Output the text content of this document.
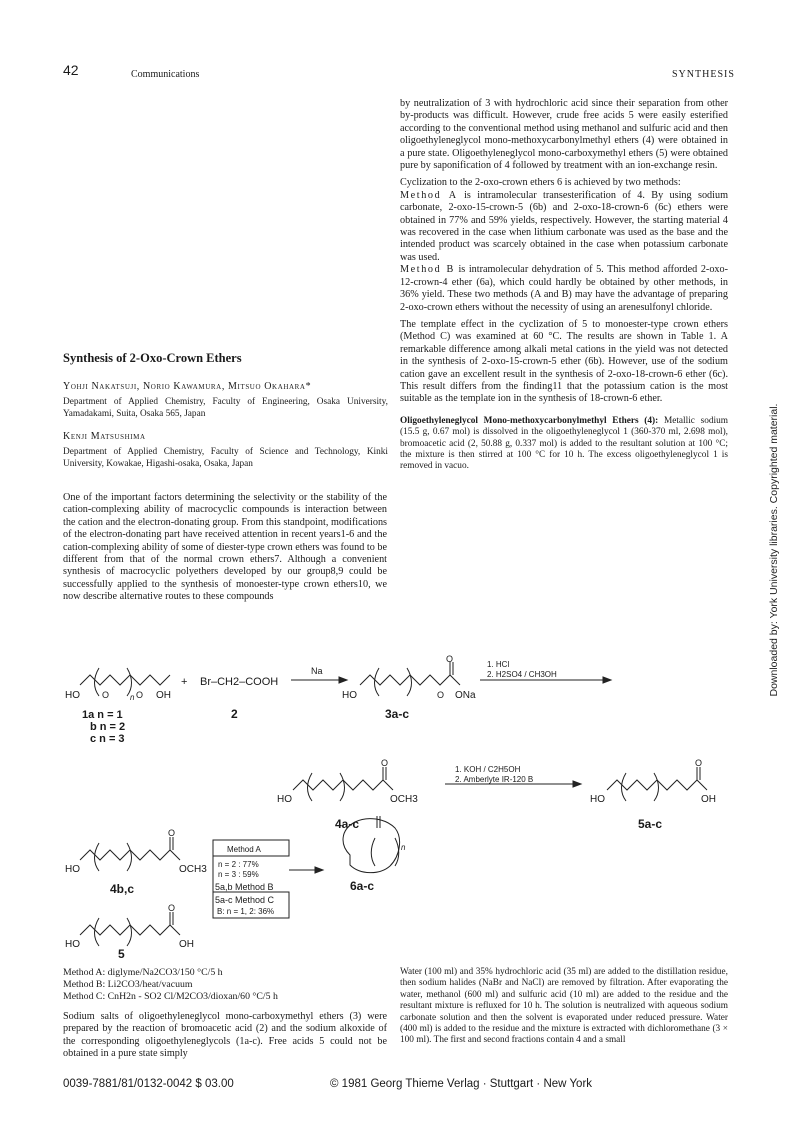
42	Communications	SYNTHESIS

by neutralization of 3 with hydrochloric acid since their separation from other by-products was difficult. However, crude free acids 5 were easily esterified according to the conventional method using methanol and sulfuric acid and then oligoethyleneglycol mono-methoxycarbonylmethyl ethers (4) were obtained in a pure state. Oligoethyleneglycol mono-carboxymethyl ethers (5) were obtained pure by saponification of 4 followed by treatment with an ion-exchange resin.

Cyclization to the 2-oxo-crown ethers 6 is achieved by two methods:

Method A is intramolecular transesterification of 4. By using sodium carbonate, 2-oxo-15-crown-5 (6b) and 2-oxo-18-crown-6 (6c) ethers were obtained in 77% and 59% yields, respectively. However, the starting material 4 was recovered in the case when lithium carbonate was used as the base and the intended product was scarcely obtained in the case when potassium carbonate was used.

Method B is intramolecular dehydration of 5. This method afforded 2-oxo-12-crown-4 ether (6a), which could hardly be obtained by other methods, in 36% yield. These two methods (A and B) may have the advantage of preparing 2-oxo-crown ethers without the necessity of using an arenesulfonyl chloride.

The template effect in the cyclization of 5 to monoester-type crown ethers (Method C) was examined at 60 °C. The results are shown in Table 1. A remarkable difference among alkali metal cations in the yield was not detected in the synthesis of 2-oxo-15-crown-5 ether (6b). However, use of the sodium cation gave an excellent result in the synthesis of 2-oxo-18-crown-6 ether (6c). This result differs from the finding11 that the potassium cation is the most suitable as the template ion in the synthesis of 18-crown-6 ether.

Oligoethyleneglycol Mono-methoxycarbonylmethyl Ethers (4): Metallic sodium (15.5 g, 0.67 mol) is dissolved in the oligoethyleneglycol 1 (360-370 ml, 2.698 mol), bromoacetic acid (2, 50.88 g, 0.337 mol) is added to the resultant solution at 100 °C; the mixture is then stirred at 100 °C for 10 h. The excess oligoethyleneglycol 1 is removed in vacuo.
Synthesis of 2-Oxo-Crown Ethers
Yohji Nakatsuji, Norio Kawamura, Mitsuo Okahara*
Department of Applied Chemistry, Faculty of Engineering, Osaka University, Yamadakami, Suita, Osaka 565, Japan
Kenji Matsushima
Department of Applied Chemistry, Faculty of Science and Technology, Kinki University, Kowakae, Higashi-osaka, Osaka, Japan
One of the important factors determining the selectivity or the stability of the cation-complexing ability of macrocyclic compounds is interaction between the cation and the electron-donating group. From this standpoint, modifications of the electron-donating part have received attention in recent years1-6 and the cation-complexing ability of some of diester-type crown ethers was found to be different from that of the normal crown ethers7. Although a convenient synthesis of macrocyclic polyethers developed by our group8,9 could be successfully applied to the synthesis of monoester-type crown ethers10, we now describe alternative routes to these compounds
HO O	n O OH
+ Br–CH2–COOH
Na
HO	O ONa
O
1. HCl
2. H2SO4 / CH3OH
1a n = 1
b n = 2
c n = 3
2	3a-c
1. KOH / C2H5OH
2. Amberlyte IR-120 B
HO	OCH3
O
4a-c
HO	OH
O
5a-c
HO	OCH3
O
4b,c
HO	OH
O
5
Method A
n = 2 : 77%
n = 3 : 59%
5a,b Method B
5a-c Method C
B: n = 1, 2: 36%
n
6a-c
Method A: diglyme/Na2CO3/150 °C/5 h
Method B: Li2CO3/heat/vacuum
Method C: CnH2n - SO2 Cl/M2CO3/dioxan/60 °C/5 h
Sodium salts of oligoethyleneglycol mono-carboxymethyl ethers (3) were prepared by the reaction of bromoacetic acid (2) and the sodium alkoxide of the corresponding oligoethyleneglycols (1a-c). Free acids 5 could not be obtained in a pure state simply
Water (100 ml) and 35% hydrochloric acid (35 ml) are added to the distillation residue, then sodium halides (NaBr and NaCl) are removed by filtration. After evaporating the water, methanol (600 ml) and sulfuric acid (10 ml) are added to the residue and the resultant mixture is refluxed for 10 h. The solution is neutralized with aqueous sodium carbonate solution and then the solvent is evaporated under reduced pressure. Water (400 ml) is added to the residue and the mixture is extracted with dichloromethane (3 × 100 ml). The first and second fractions contain 4 and a small
0039-7881/81/0132-0042 $ 03.00	© 1981 Georg Thieme Verlag · Stuttgart · New York
Downloaded by: York University libraries. Copyrighted material.
